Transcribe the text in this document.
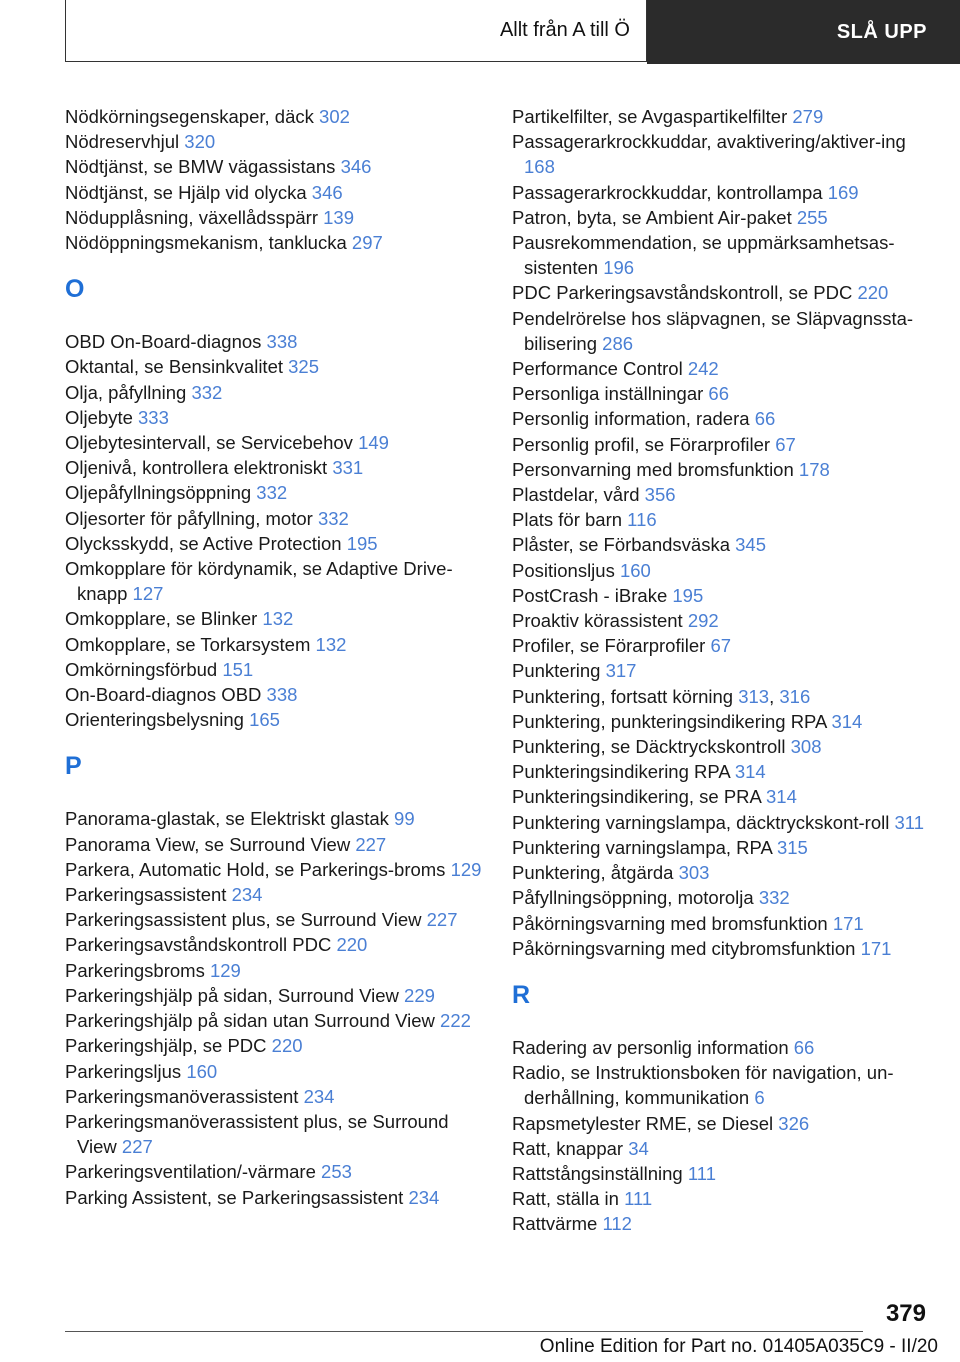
Allt från A till Ö	SLÅ UPP
Nödkörningsegenskaper, däck 302
Nödreservhjul 320
Nödtjänst, se BMW vägassistans 346
Nödtjänst, se Hjälp vid olycka 346
Nödupplåsning, växellådsspärr 139
Nödöppningsmekanism, tanklucka 297
O
OBD On-Board-diagnos 338
Oktantal, se Bensinkvalitet 325
Olja, påfyllning 332
Oljebyte 333
Oljebytesintervall, se Servicebehov 149
Oljenivå, kontrollera elektroniskt 331
Oljepåfyllningsöppning 332
Oljesorter för påfyllning, motor 332
Olycksskydd, se Active Protection 195
Omkopplare för kördynamik, se Adaptive Drive-knapp 127
Omkopplare, se Blinker 132
Omkopplare, se Torkarsystem 132
Omkörningsförbud 151
On-Board-diagnos OBD 338
Orienteringsbelysning 165
P
Panorama-glastak, se Elektriskt glastak 99
Panorama View, se Surround View 227
Parkera, Automatic Hold, se Parkerings-broms 129
Parkeringsassistent 234
Parkeringsassistent plus, se Surround View 227
Parkeringsavståndskontroll PDC 220
Parkeringsbroms 129
Parkeringshjälp på sidan, Surround View 229
Parkeringshjälp på sidan utan Surround View 222
Parkeringshjälp, se PDC 220
Parkeringsljus 160
Parkeringsmanöverassistent 234
Parkeringsmanöverassistent plus, se Surround View 227
Parkeringsventilation/-värmare 253
Parking Assistent, se Parkeringsassistent 234
Partikelfilter, se Avgaspartikelfilter 279
Passagerarkrockkuddar, avaktivering/aktiver-ing 168
Passagerarkrockkuddar, kontrollampa 169
Patron, byta, se Ambient Air-paket 255
Pausrekommendation, se uppmärksamhetsas-sistenten 196
PDC Parkeringsavståndskontroll, se PDC 220
Pendelrörelse hos släpvagnen, se Släpvagnssta-bilisering 286
Performance Control 242
Personliga inställningar 66
Personlig information, radera 66
Personlig profil, se Förarprofiler 67
Personvarning med bromsfunktion 178
Plastdelar, vård 356
Plats för barn 116
Plåster, se Förbandsväska 345
Positionsljus 160
PostCrash - iBrake 195
Proaktiv körassistent 292
Profiler, se Förarprofiler 67
Punktering 317
Punktering, fortsatt körning 313, 316
Punktering, punkteringsindikering RPA 314
Punktering, se Däcktryckskontroll 308
Punkteringsindikering RPA 314
Punkteringsindikering, se PRA 314
Punktering varningslampa, däcktryckskont-roll 311
Punktering varningslampa, RPA 315
Punktering, åtgärda 303
Påfyllningsöppning, motorolja 332
Påkörningsvarning med bromsfunktion 171
Påkörningsvarning med citybromsfunktion 171
R
Radering av personlig information 66
Radio, se Instruktionsboken för navigation, un-derhållning, kommunikation 6
Rapsmetylester RME, se Diesel 326
Ratt, knappar 34
Rattstångsinställning 111
Ratt, ställa in 111
Rattvärme 112
379
Online Edition for Part no. 01405A035C9 - II/20
